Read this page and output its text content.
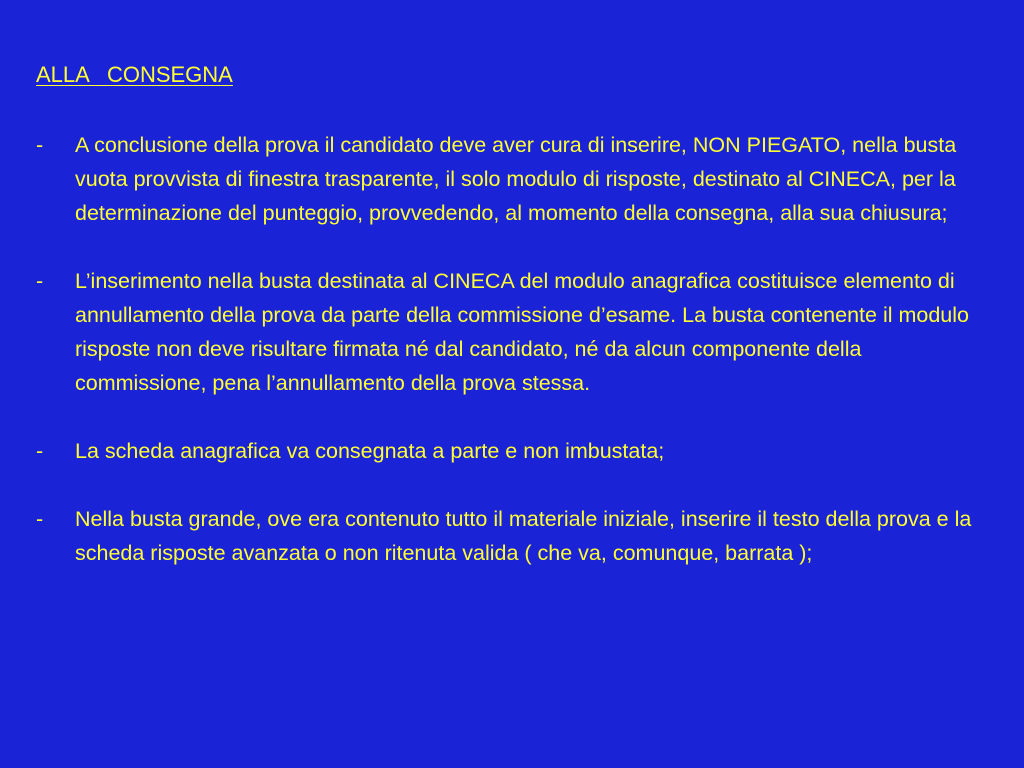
ALLA   CONSEGNA
-	A conclusione della prova il candidato deve aver cura di inserire, NON PIEGATO, nella busta vuota provvista di finestra trasparente, il solo modulo di risposte, destinato al CINECA, per la determinazione del punteggio, provvedendo, al momento della consegna, alla sua chiusura;
-	L’inserimento nella busta destinata al CINECA del modulo anagrafica costituisce elemento di annullamento della prova da parte della commissione d’esame. La busta contenente il modulo risposte non deve risultare firmata né dal candidato, né da alcun componente della commissione, pena l’annullamento della prova stessa.
-	La scheda anagrafica va consegnata a parte e non imbustata;
-	Nella busta grande, ove era contenuto tutto il materiale iniziale, inserire il testo della prova e la scheda risposte avanzata o non ritenuta valida ( che va, comunque, barrata );
